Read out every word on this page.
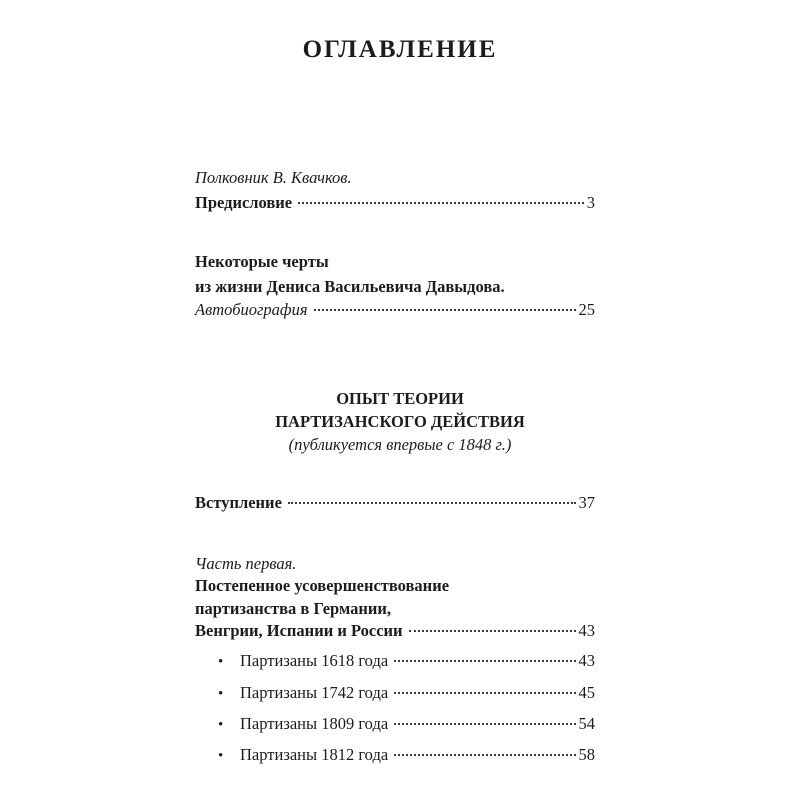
ОГЛАВЛЕНИЕ
Полковник В. Квачков.
Предисловие	3
Некоторые черты
из жизни Дениса Васильевича Давыдова.
Автобиография	25
ОПЫТ ТЕОРИИ
ПАРТИЗАНСКОГО ДЕЙСТВИЯ
(публикуется впервые с 1848 г.)
Вступление	37
Часть первая.
Постепенное усовершенствование
партизанства в Германии,
Венгрии, Испании и России	43
•	Партизаны 1618 года	43
•	Партизаны 1742 года	45
•	Партизаны 1809 года	54
•	Партизаны 1812 года	58
